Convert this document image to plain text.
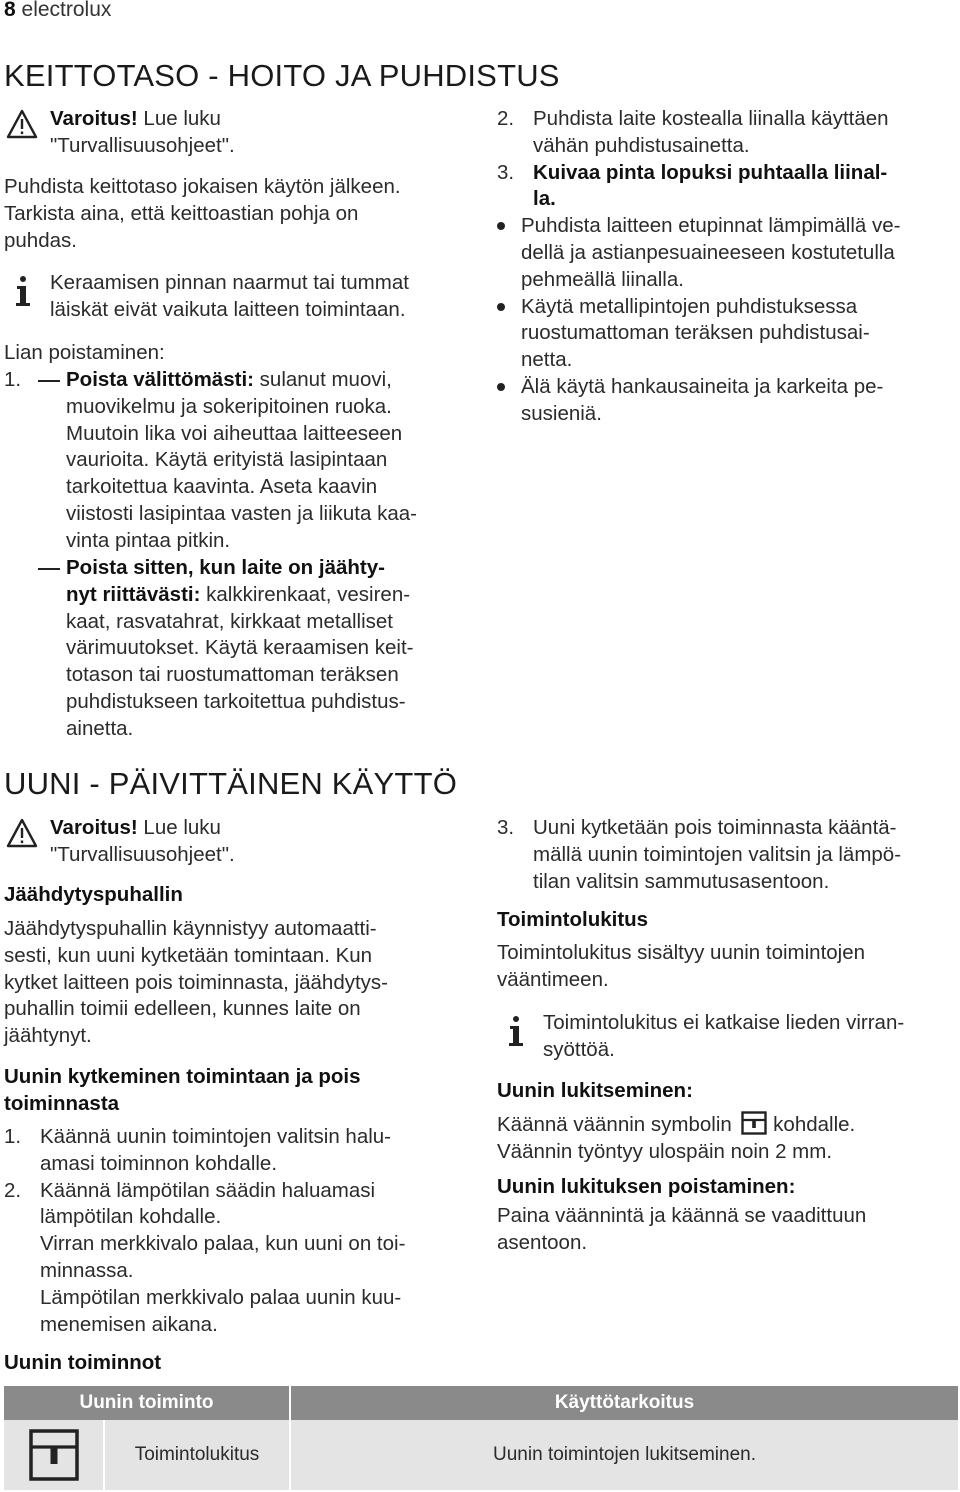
8 electrolux
KEITTOTASO - HOITO JA PUHDISTUS
Varoitus! Lue luku
"Turvallisuusohjeet".
Puhdista keittotaso jokaisen käytön jälkeen.
Tarkista aina, että keittoastian pohja on
puhdas.
Keraamisen pinnan naarmut tai tummat
läiskät eivät vaikuta laitteen toimintaan.
Lian poistaminen:
1. Poista välittömästi: sulanut muovi,
muovikelmu ja sokeripitoinen ruoka.
Muutoin lika voi aiheuttaa laitteeseen
vaurioita. Käytä erityistä lasipintaan
tarkoitettua kaavinta. Aseta kaavin
viistosti lasipintaa vasten ja liikuta kaa-
vinta pintaa pitkin.
Poista sitten, kun laite on jäähty-
nyt riittävästi: kalkkirenkaat, vesiren-
kaat, rasvatahrat, kirkkaat metalliset
värimuutokset. Käytä keraamisen keit-
totason tai ruostumattoman teräksen
puhdistukseen tarkoitettua puhdistus-
ainetta.
2. Puhdista laite kostealla liinalla käyttäen
vähän puhdistusainetta.
3. Kuivaa pinta lopuksi puhtaalla liinal-
la.
Puhdista laitteen etupinnat lämpimällä ve-
dellä ja astianpesuaineeseen kostutetulla
pehmeällä liinalla.
Käytä metallipintojen puhdistuksessa
ruostumattoman teräksen puhdistusai-
netta.
Älä käytä hankausaineita ja karkeita pe-
susieniä.
UUNI - PÄIVITTÄINEN KÄYTTÖ
Varoitus! Lue luku
"Turvallisuusohjeet".
Jäähdytyspuhallin
Jäähdytyspuhallin käynnistyy automaatti-
sesti, kun uuni kytketään tomintaan. Kun
kytket laitteen pois toiminnasta, jäähdytys-
puhallin toimii edelleen, kunnes laite on
jäähtynyt.
Uunin kytkeminen toimintaan ja pois
toiminnasta
1. Käännä uunin toimintojen valitsin halu-
amasi toiminnon kohdalle.
2. Käännä lämpötilan säädin haluamasi
lämpötilan kohdalle.
Virran merkkivalo palaa, kun uuni on toi-
minnassa.
Lämpötilan merkkivalo palaa uunin kuu-
menemisen aikana.
Uunin toiminnot
3. Uuni kytketään pois toiminnasta kääntä-
mällä uunin toimintojen valitsin ja lämpö-
tilan valitsin sammutusasentoon.
Toimintolukitus
Toimintolukitus sisältyy uunin toimintojen
vääntimeen.
Toimintolukitus ei katkaise lieden virran-
syöttöä.
Uunin lukitseminen:
Käännä väännin symbolin  kohdalle.
Väännin työntyy ulospäin noin 2 mm.
Uunin lukituksen poistaminen:
Paina väännintä ja käännä se vaadittuun
asentoon.
Uunin toiminto		Käyttötarkoitus

	Toimintolukitus	Uunin toimintojen lukitseminen.
